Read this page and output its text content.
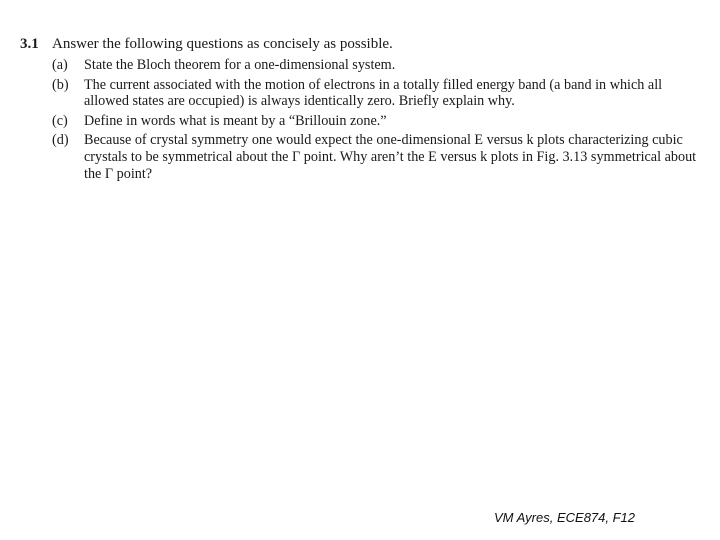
3.1 Answer the following questions as concisely as possible.
(a)	State the Bloch theorem for a one-dimensional system.
(b)	The current associated with the motion of electrons in a totally filled energy band (a band in which all allowed states are occupied) is always identically zero. Briefly explain why.
(c)	Define in words what is meant by a “Brillouin zone.”
(d)	Because of crystal symmetry one would expect the one-dimensional E versus k plots characterizing cubic crystals to be symmetrical about the Γ point. Why aren’t the E versus k plots in Fig. 3.13 symmetrical about the Γ point?
VM Ayres, ECE874, F12
